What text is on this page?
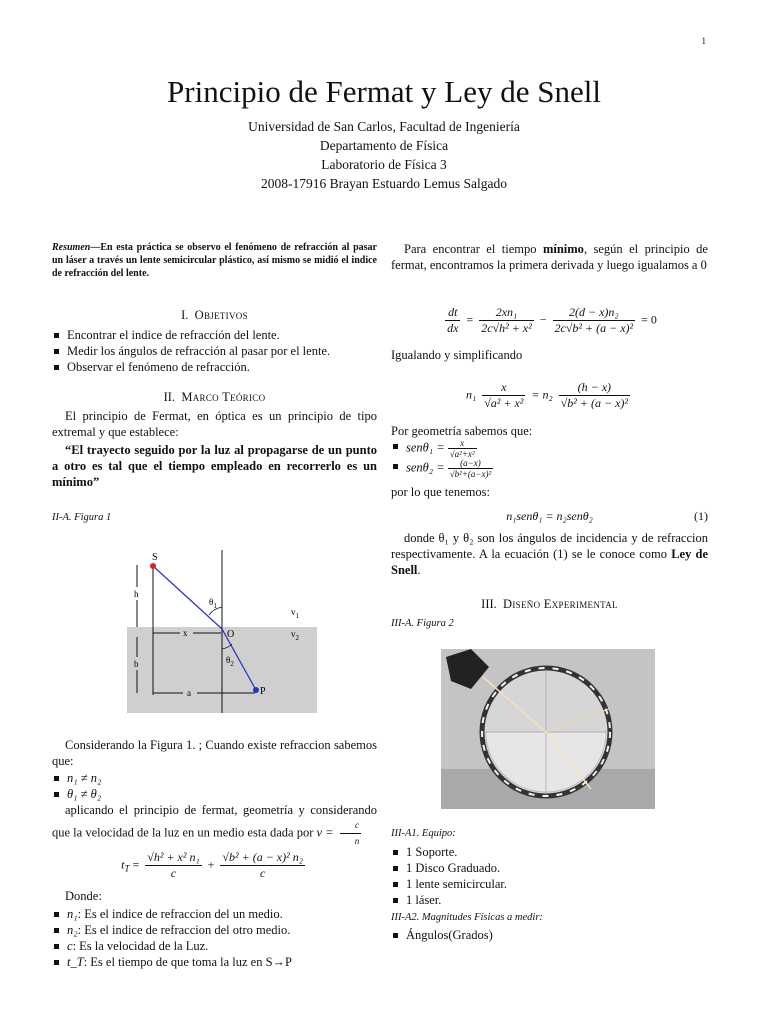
1
Principio de Fermat y Ley de Snell
Universidad de San Carlos, Facultad de Ingeniería
Departamento de Física
Laboratorio de Física 3
2008-17916 Brayan Estuardo Lemus Salgado
Resumen—En esta práctica se observo el fenómeno de refracción al pasar un láser a través un lente semicircular plástico, así mismo se midió el indice de refracción del lente.
I. Objetivos
Encontrar el indice de refracción del lente.
Medir los ángulos de refracción al pasar por el lente.
Observar el fenómeno de refracción.
II. Marco Teórico
El principio de Fermat, en óptica es un principio de tipo extremal y que establece:
“El trayecto seguido por la luz al propagarse de un punto a otro es tal que el tiempo empleado en recorrerlo es un mínimo”
II-A. Figura 1
S
O
P
h
b
x
a
$\theta_1$
$\theta_2$
$v_1$
$v_2$
Considerando la Figura 1. ; Cuando existe refraccion sabemos que:
n₁ ≠ n₂
θ₁ ≠ θ₂
aplicando el principio de fermat, geometría y considerando que la velocidad de la luz en un medio esta dada por $v = \frac{c}{n}$
$t_T = \frac{\text{√h² + x² n₁}}{c} + \frac{\text{√b² + (a − x)² n₂}}{c}$
Donde:
n₁: Es el indice de refraccion del un medio.
n₂: Es el indice de refraccion del otro medio.
c: Es la velocidad de la Luz.
t_T: Es el tiempo de que toma la luz en S→P
Para encontrar el tiempo mínimo, según el principio de fermat, encontramos la primera derivada y luego igualamos a 0
$\frac{dt}{dx} = \frac{\text{2xn₁}}{\text{2c√h² + x²}} - \frac{\text{2(d − x)n₂}}{\text{2c√b² + (a − x)²}} = 0$
Igualando y simplificando
$n_1 \frac{x}{\text{√a² + x²}} = n_2 \frac{(h - x)}{\text{√b² + (a − x)²}}$
Por geometría sabemos que:
$sen\theta_1 = \frac{x}{\text{√a²+x²}}$
$sen\theta_2 = \frac{(a-x)}{\text{√b²+(a−x)²}}$
por lo que tenemos:
n₁senθ₁ = n₂senθ₂	(1)
donde θ₁ y θ₂ son los ángulos de incidencia y de refraccion respectivamente. A la ecuación (1) se le conoce como Ley de Snell.
III. Diseño Experimental
III-A. Figura 2
III-A1. Equipo:
1 Soporte.
1 Disco Graduado.
1 lente semicircular.
1 láser.
III-A2. Magnitudes Físicas a medir:
Ángulos(Grados)
